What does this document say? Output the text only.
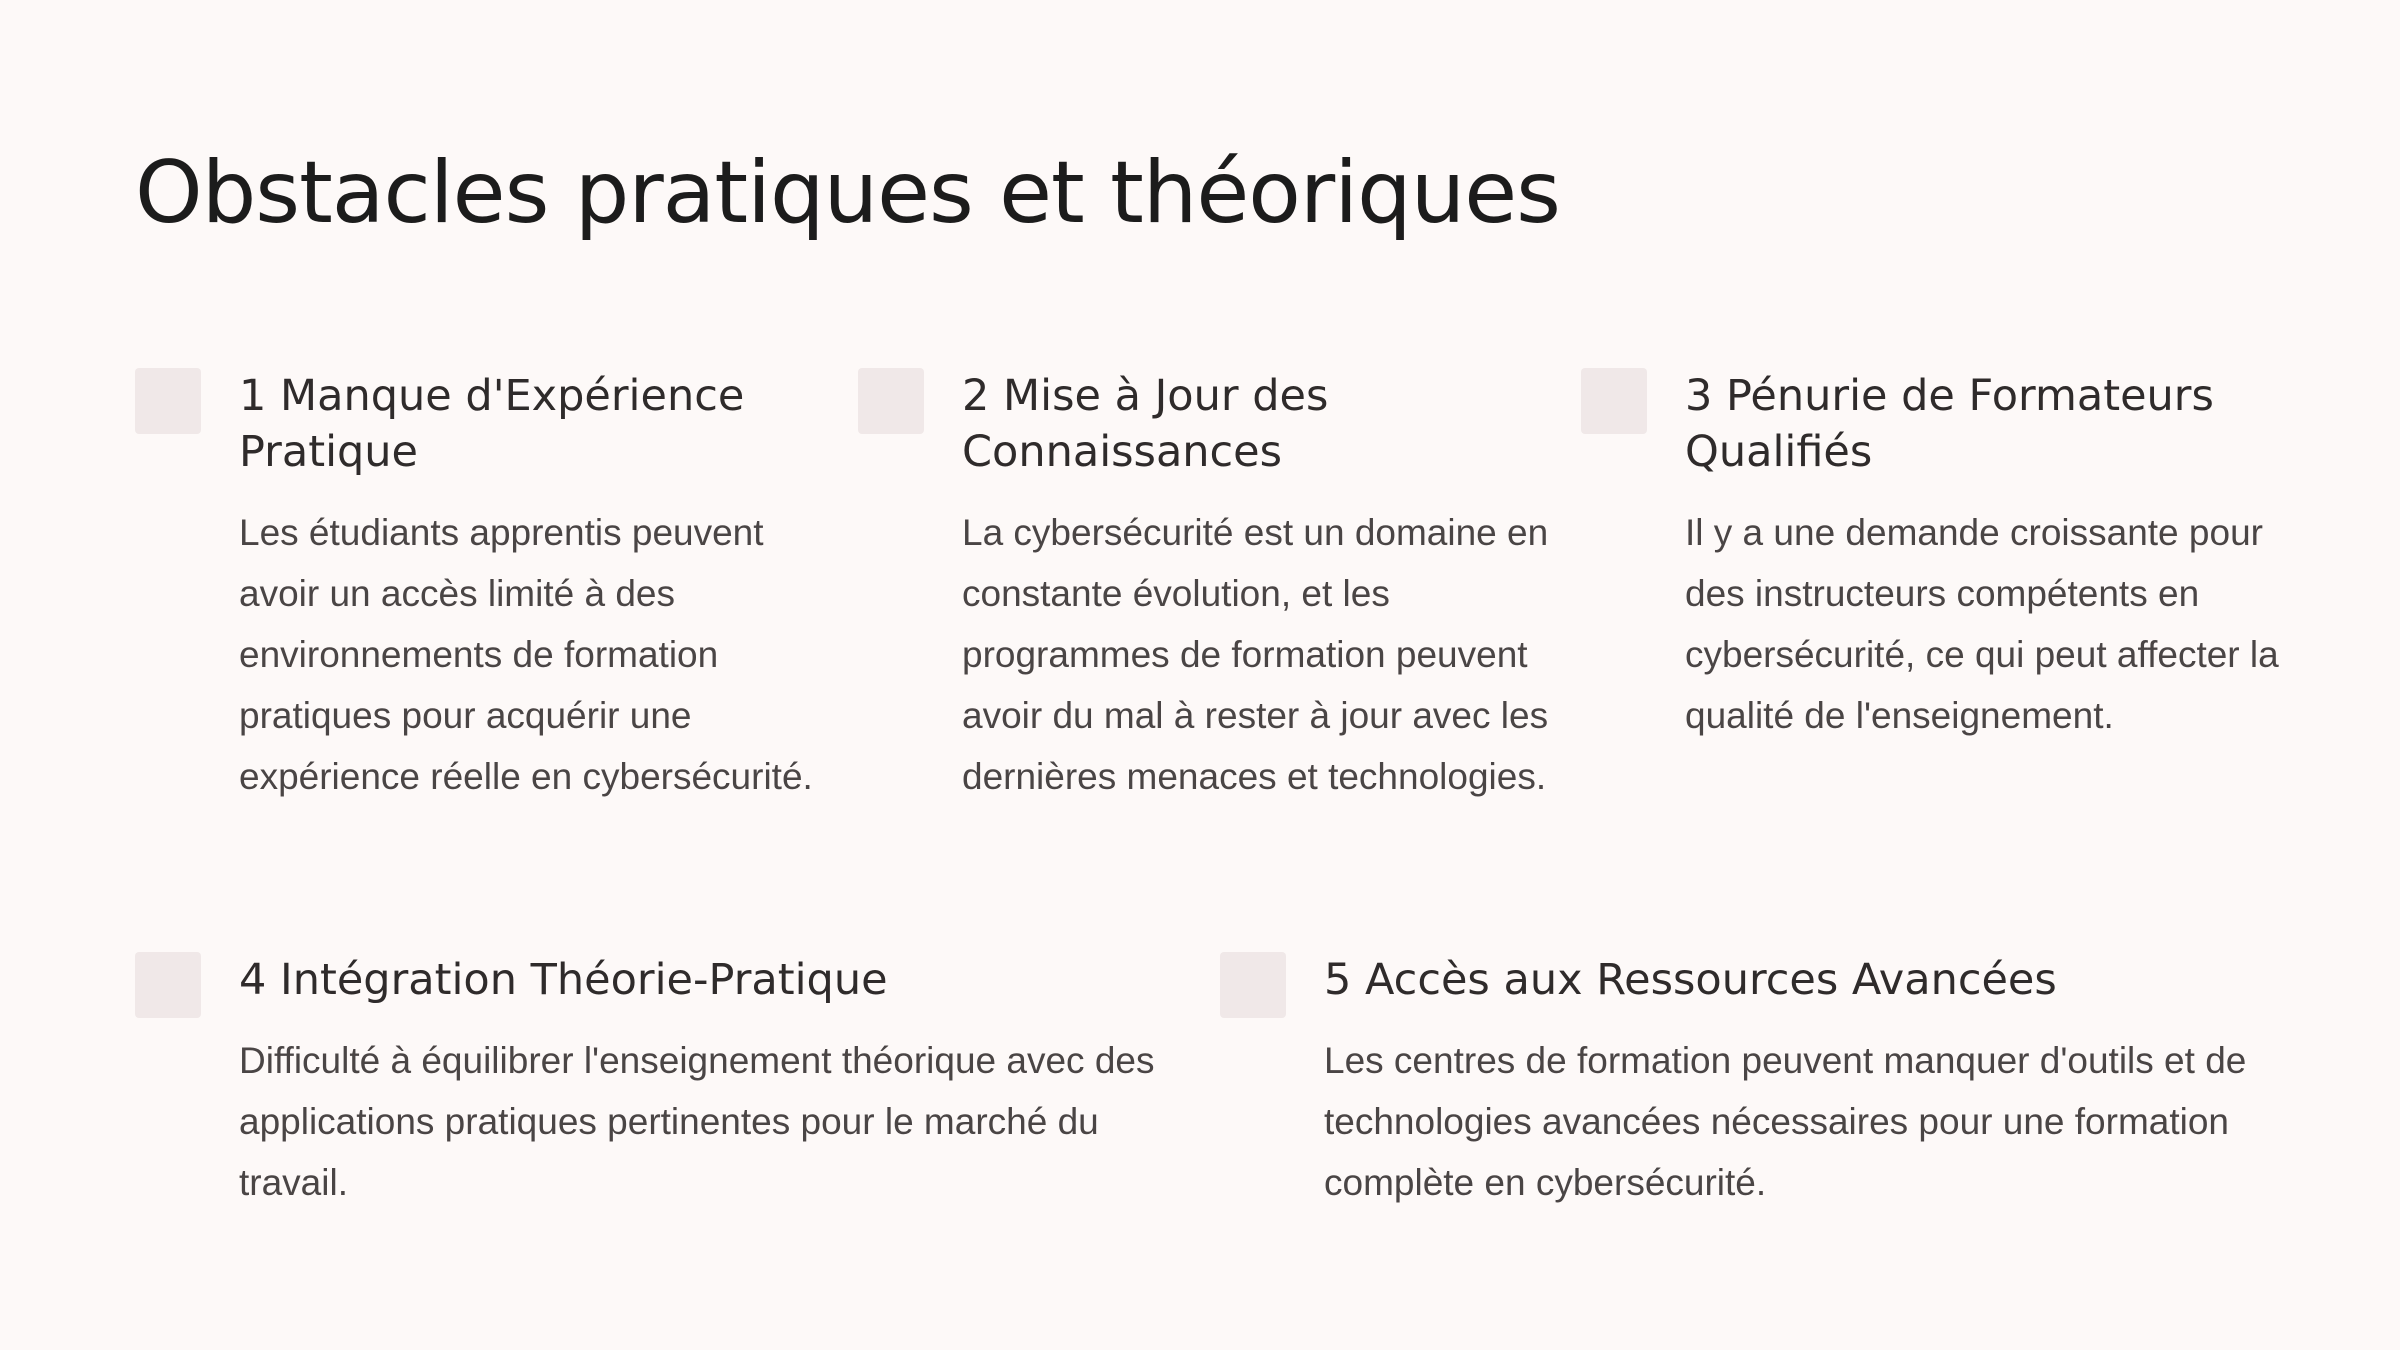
Obstacles pratiques et théoriques
1 Manque d'Expérience Pratique

Les étudiants apprentis peuvent avoir un accès limité à des environnements de formation pratiques pour acquérir une expérience réelle en cybersécurité.

2 Mise à Jour des Connaissances

La cybersécurité est un domaine en constante évolution, et les programmes de formation peuvent avoir du mal à rester à jour avec les dernières menaces et technologies.

3 Pénurie de Formateurs Qualifiés

Il y a une demande croissante pour des instructeurs compétents en cybersécurité, ce qui peut affecter la qualité de l'enseignement.

4 Intégration Théorie-Pratique

Difficulté à équilibrer l'enseignement théorique avec des applications pratiques pertinentes pour le marché du travail.

5 Accès aux Ressources Avancées

Les centres de formation peuvent manquer d'outils et de technologies avancées nécessaires pour une formation complète en cybersécurité.
